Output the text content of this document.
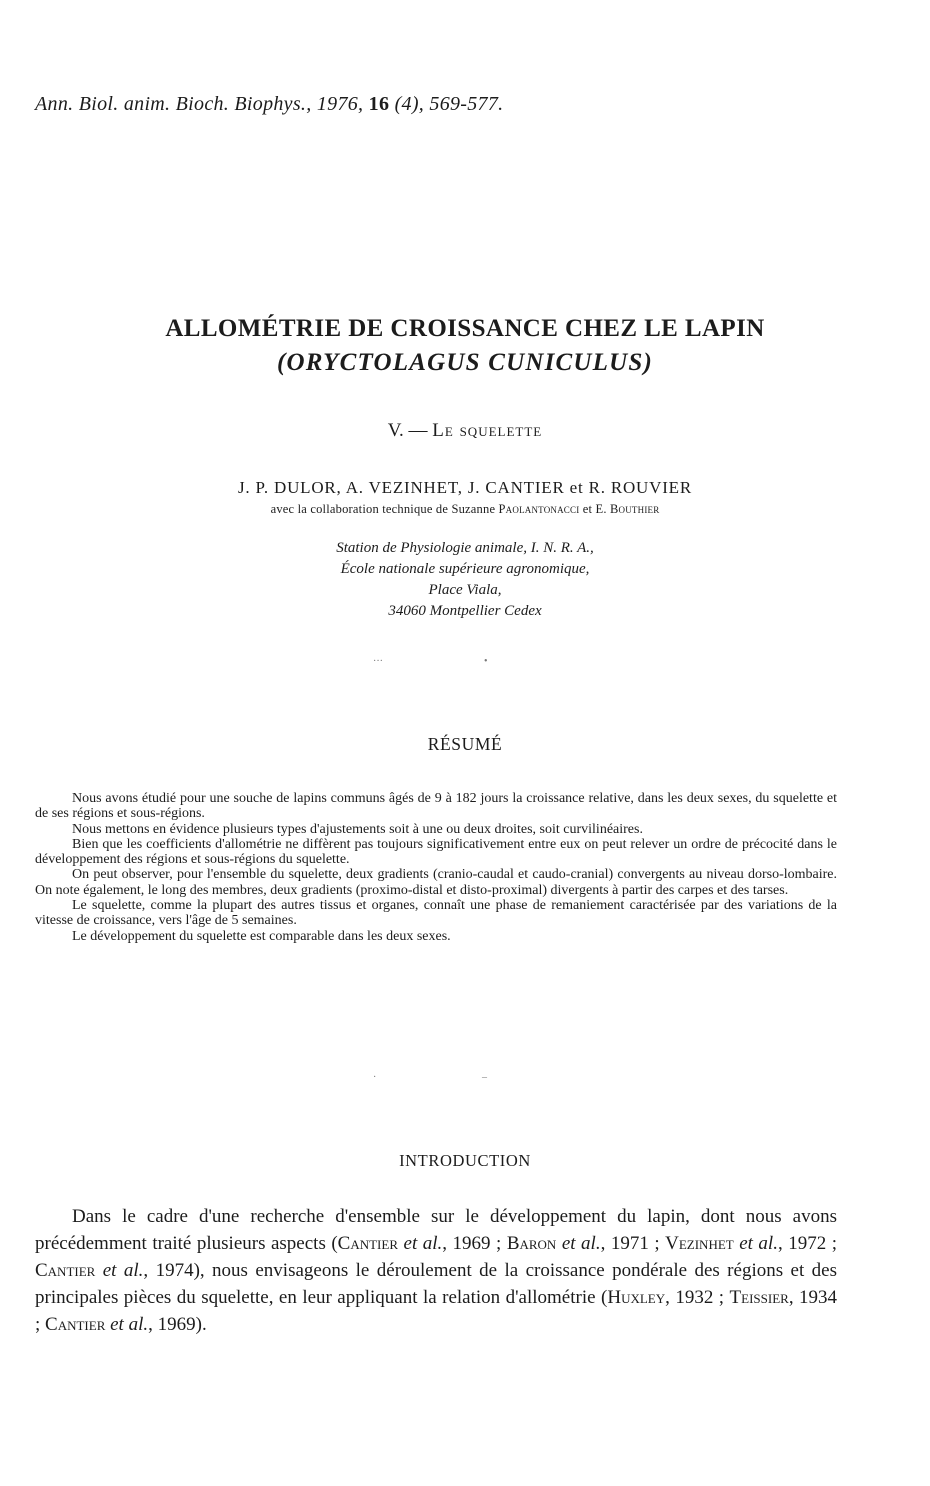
Ann. Biol. anim. Bioch. Biophys., 1976, 16 (4), 569-577.
ALLOMÉTRIE DE CROISSANCE CHEZ LE LAPIN
(ORYCTOLAGUS CUNICULUS)
V. — Le squelette
J. P. DULOR, A. VEZINHET, J. CANTIER et R. ROUVIER
avec la collaboration technique de Suzanne Paolantonacci et E. Bouthier
Station de Physiologie animale, I. N. R. A.,
École nationale supérieure agronomique,
Place Viala,
34060 Montpellier Cedex
···	•
RÉSUMÉ

Nous avons étudié pour une souche de lapins communs âgés de 9 à 182 jours la croissance relative, dans les deux sexes, du squelette et de ses régions et sous-régions.

Nous mettons en évidence plusieurs types d'ajustements soit à une ou deux droites, soit curvilinéaires.

Bien que les coefficients d'allométrie ne diffèrent pas toujours significativement entre eux on peut relever un ordre de précocité dans le développement des régions et sous-régions du squelette.

On peut observer, pour l'ensemble du squelette, deux gradients (cranio-caudal et caudo-cranial) convergents au niveau dorso-lombaire. On note également, le long des membres, deux gradients (proximo-distal et disto-proximal) divergents à partir des carpes et des tarses.

Le squelette, comme la plupart des autres tissus et organes, connaît une phase de remaniement caractérisée par des variations de la vitesse de croissance, vers l'âge de 5 semaines.

Le développement du squelette est comparable dans les deux sexes.

·	‒
INTRODUCTION

Dans le cadre d'une recherche d'ensemble sur le développement du lapin, dont nous avons précédemment traité plusieurs aspects (Cantier et al., 1969 ; Baron et al., 1971 ; Vezinhet et al., 1972 ; Cantier et al., 1974), nous envisageons le déroulement de la croissance pondérale des régions et des principales pièces du squelette, en leur appliquant la relation d'allométrie (Huxley, 1932 ; Teissier, 1934 ; Cantier et al., 1969).
